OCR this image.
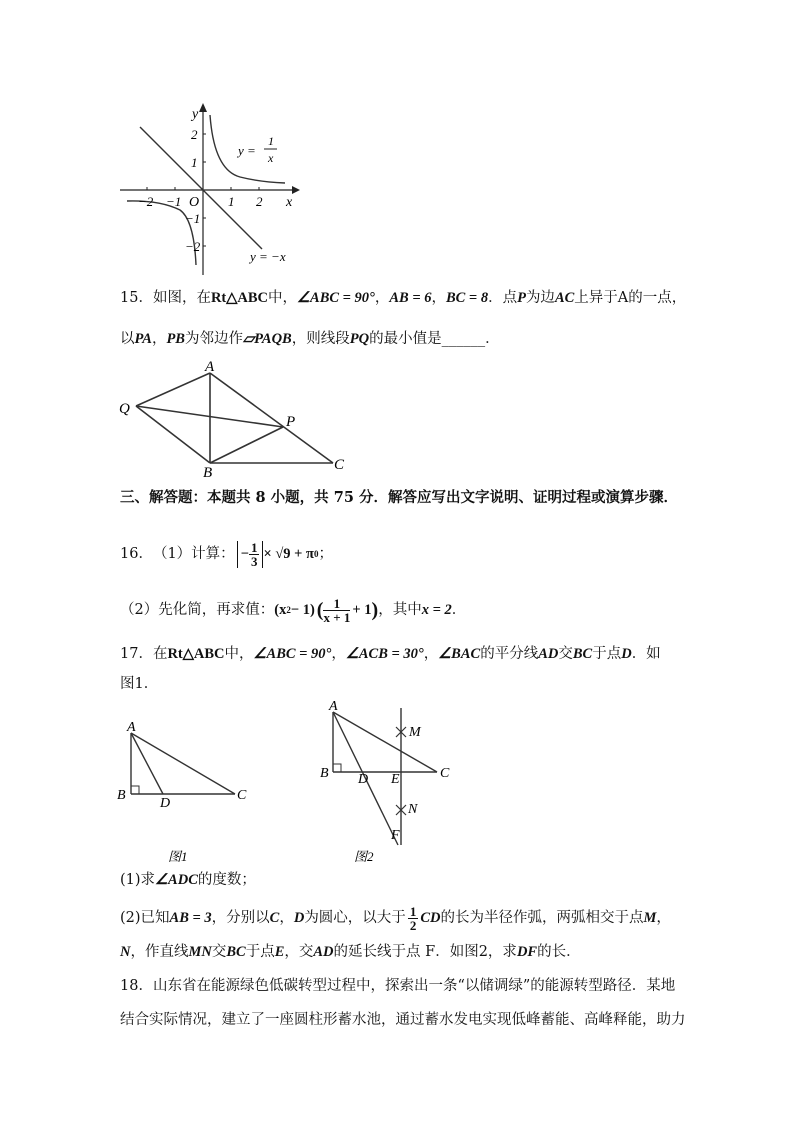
x
y
O
−2 −1	1 2
2
1
−1
−2
y =
1
x
y = −x
15．如图，在Rt△ABC中，∠ABC = 90°，AB = 6，BC = 8．点P为边AC上异于A的一点，
以PA，PB为邻边作▱PAQB，则线段PQ的最小值是______．
A
Q
P
B	C
三、解答题：本题共 8 小题，共 75 分．解答应写出文字说明、证明过程或演算步骤．
16． （1）计算： − $\frac{1}{3} \times √9 + \pi$ 0 ；
（2）先化简，再求值： (x 2 − 1) ( $\frac{1}{x + 1} + 1$ ) ，其中 x = 2 ．
17．在Rt△ABC中，∠ABC = 90°，∠ACB = 30°，∠BAC的平分线AD交BC于点D．如
图1．
A
B
D
C
图1
A
M
B D E	C
N
F
图2
(1)求∠ADC的度数；
(2)已知 AB = 3 ，分别以 C ， D 为圆心，以大于 $\frac{1}{2}$ CD 的长为半径作弧，两弧相交于点 M ，
N，作直线MN交BC于点E，交AD的延长线于点 F．如图2，求DF的长．
18．山东省在能源绿色低碳转型过程中，探索出一条“以储调绿”的能源转型路径．某地
结合实际情况，建立了一座圆柱形蓄水池，通过蓄水发电实现低峰蓄能、高峰释能，助力
